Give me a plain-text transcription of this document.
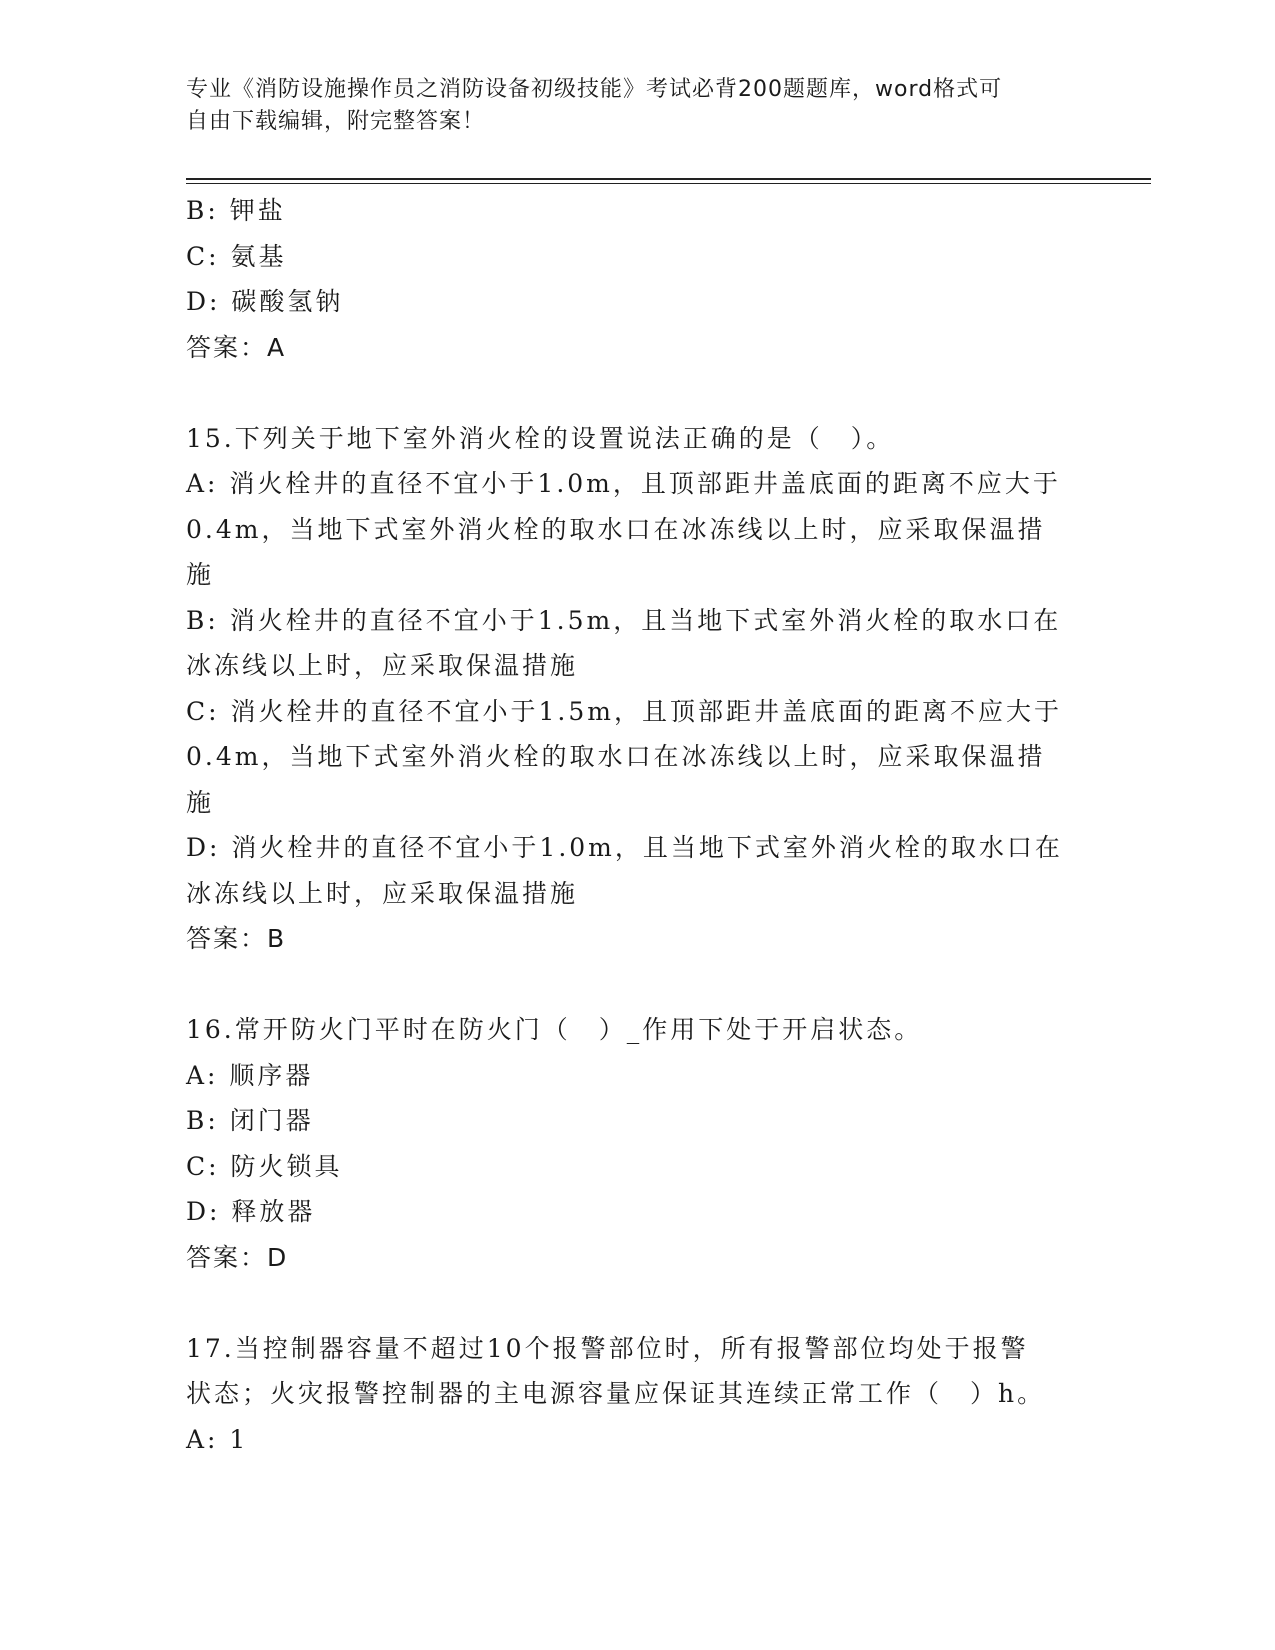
专业《消防设施操作员之消防设备初级技能》考试必背200题题库，word格式可
自由下载编辑，附完整答案！
B: 钾盐
C: 氨基
D: 碳酸氢钠
答案：A
15.下列关于地下室外消火栓的设置说法正确的是（　）。
A: 消火栓井的直径不宜小于1.0m，且顶部距井盖底面的距离不应大于
0.4m，当地下式室外消火栓的取水口在冰冻线以上时，应采取保温措
施
B: 消火栓井的直径不宜小于1.5m，且当地下式室外消火栓的取水口在
冰冻线以上时，应采取保温措施
C: 消火栓井的直径不宜小于1.5m，且顶部距井盖底面的距离不应大于
0.4m，当地下式室外消火栓的取水口在冰冻线以上时，应采取保温措
施
D: 消火栓井的直径不宜小于1.0m，且当地下式室外消火栓的取水口在
冰冻线以上时，应采取保温措施
答案：B
16.常开防火门平时在防火门（　）_作用下处于开启状态。
A: 顺序器
B: 闭门器
C: 防火锁具
D: 释放器
答案：D
17.当控制器容量不超过10个报警部位时，所有报警部位均处于报警
状态；火灾报警控制器的主电源容量应保证其连续正常工作（　）h。
A: 1
